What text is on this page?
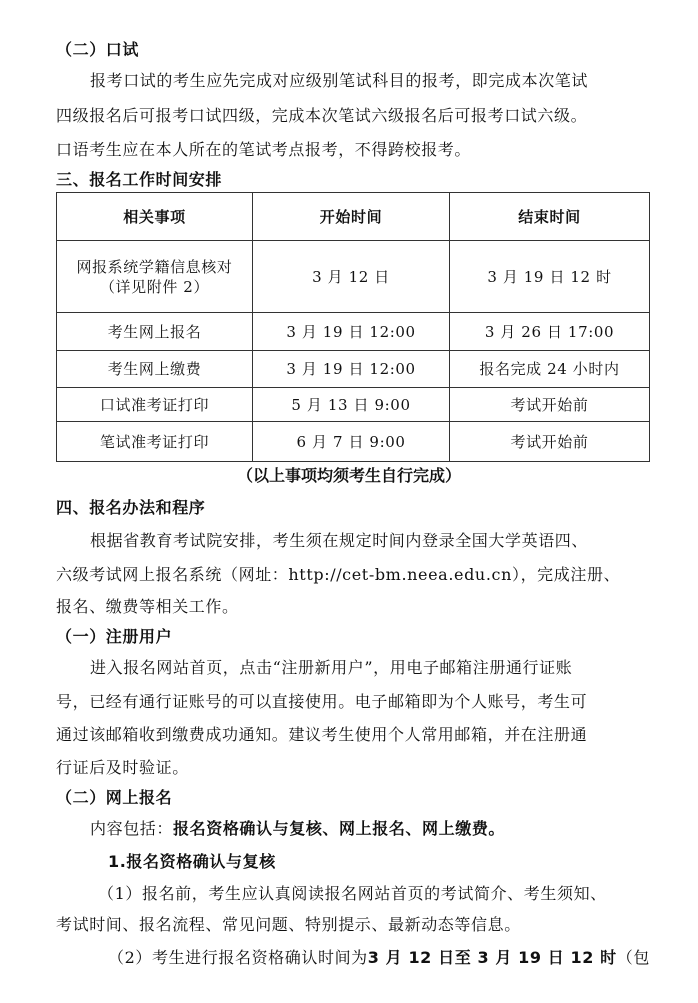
（二）口试
报考口试的考生应先完成对应级别笔试科目的报考，即完成本次笔试
四级报名后可报考口试四级，完成本次笔试六级报名后可报考口试六级。
口语考生应在本人所在的笔试考点报考，不得跨校报考。
三、报名工作时间安排
相关事项	开始时间	结束时间
网报系统学籍信息核对
（详见附件 2）	3 月 12 日	3 月 19 日 12 时
考生网上报名	3 月 19 日 12:00	3 月 26 日 17:00
考生网上缴费	3 月 19 日 12:00	报名完成 24 小时内
口试准考证打印	5 月 13 日 9:00	考试开始前
笔试准考证打印	6 月 7 日 9:00	考试开始前
（以上事项均须考生自行完成）
四、报名办法和程序
根据省教育考试院安排，考生须在规定时间内登录全国大学英语四、
六级考试网上报名系统（网址：http://cet-bm.neea.edu.cn），完成注册、
报名、缴费等相关工作。
（一）注册用户
进入报名网站首页，点击“注册新用户”，用电子邮箱注册通行证账
号，已经有通行证账号的可以直接使用。电子邮箱即为个人账号，考生可
通过该邮箱收到缴费成功通知。建议考生使用个人常用邮箱，并在注册通
行证后及时验证。
（二）网上报名
内容包括：报名资格确认与复核、网上报名、网上缴费。
1.报名资格确认与复核
（1）报名前，考生应认真阅读报名网站首页的考试简介、考生须知、
考试时间、报名流程、常见问题、特别提示、最新动态等信息。
（2）考生进行报名资格确认时间为3 月 12 日至 3 月 19 日 12 时（包
